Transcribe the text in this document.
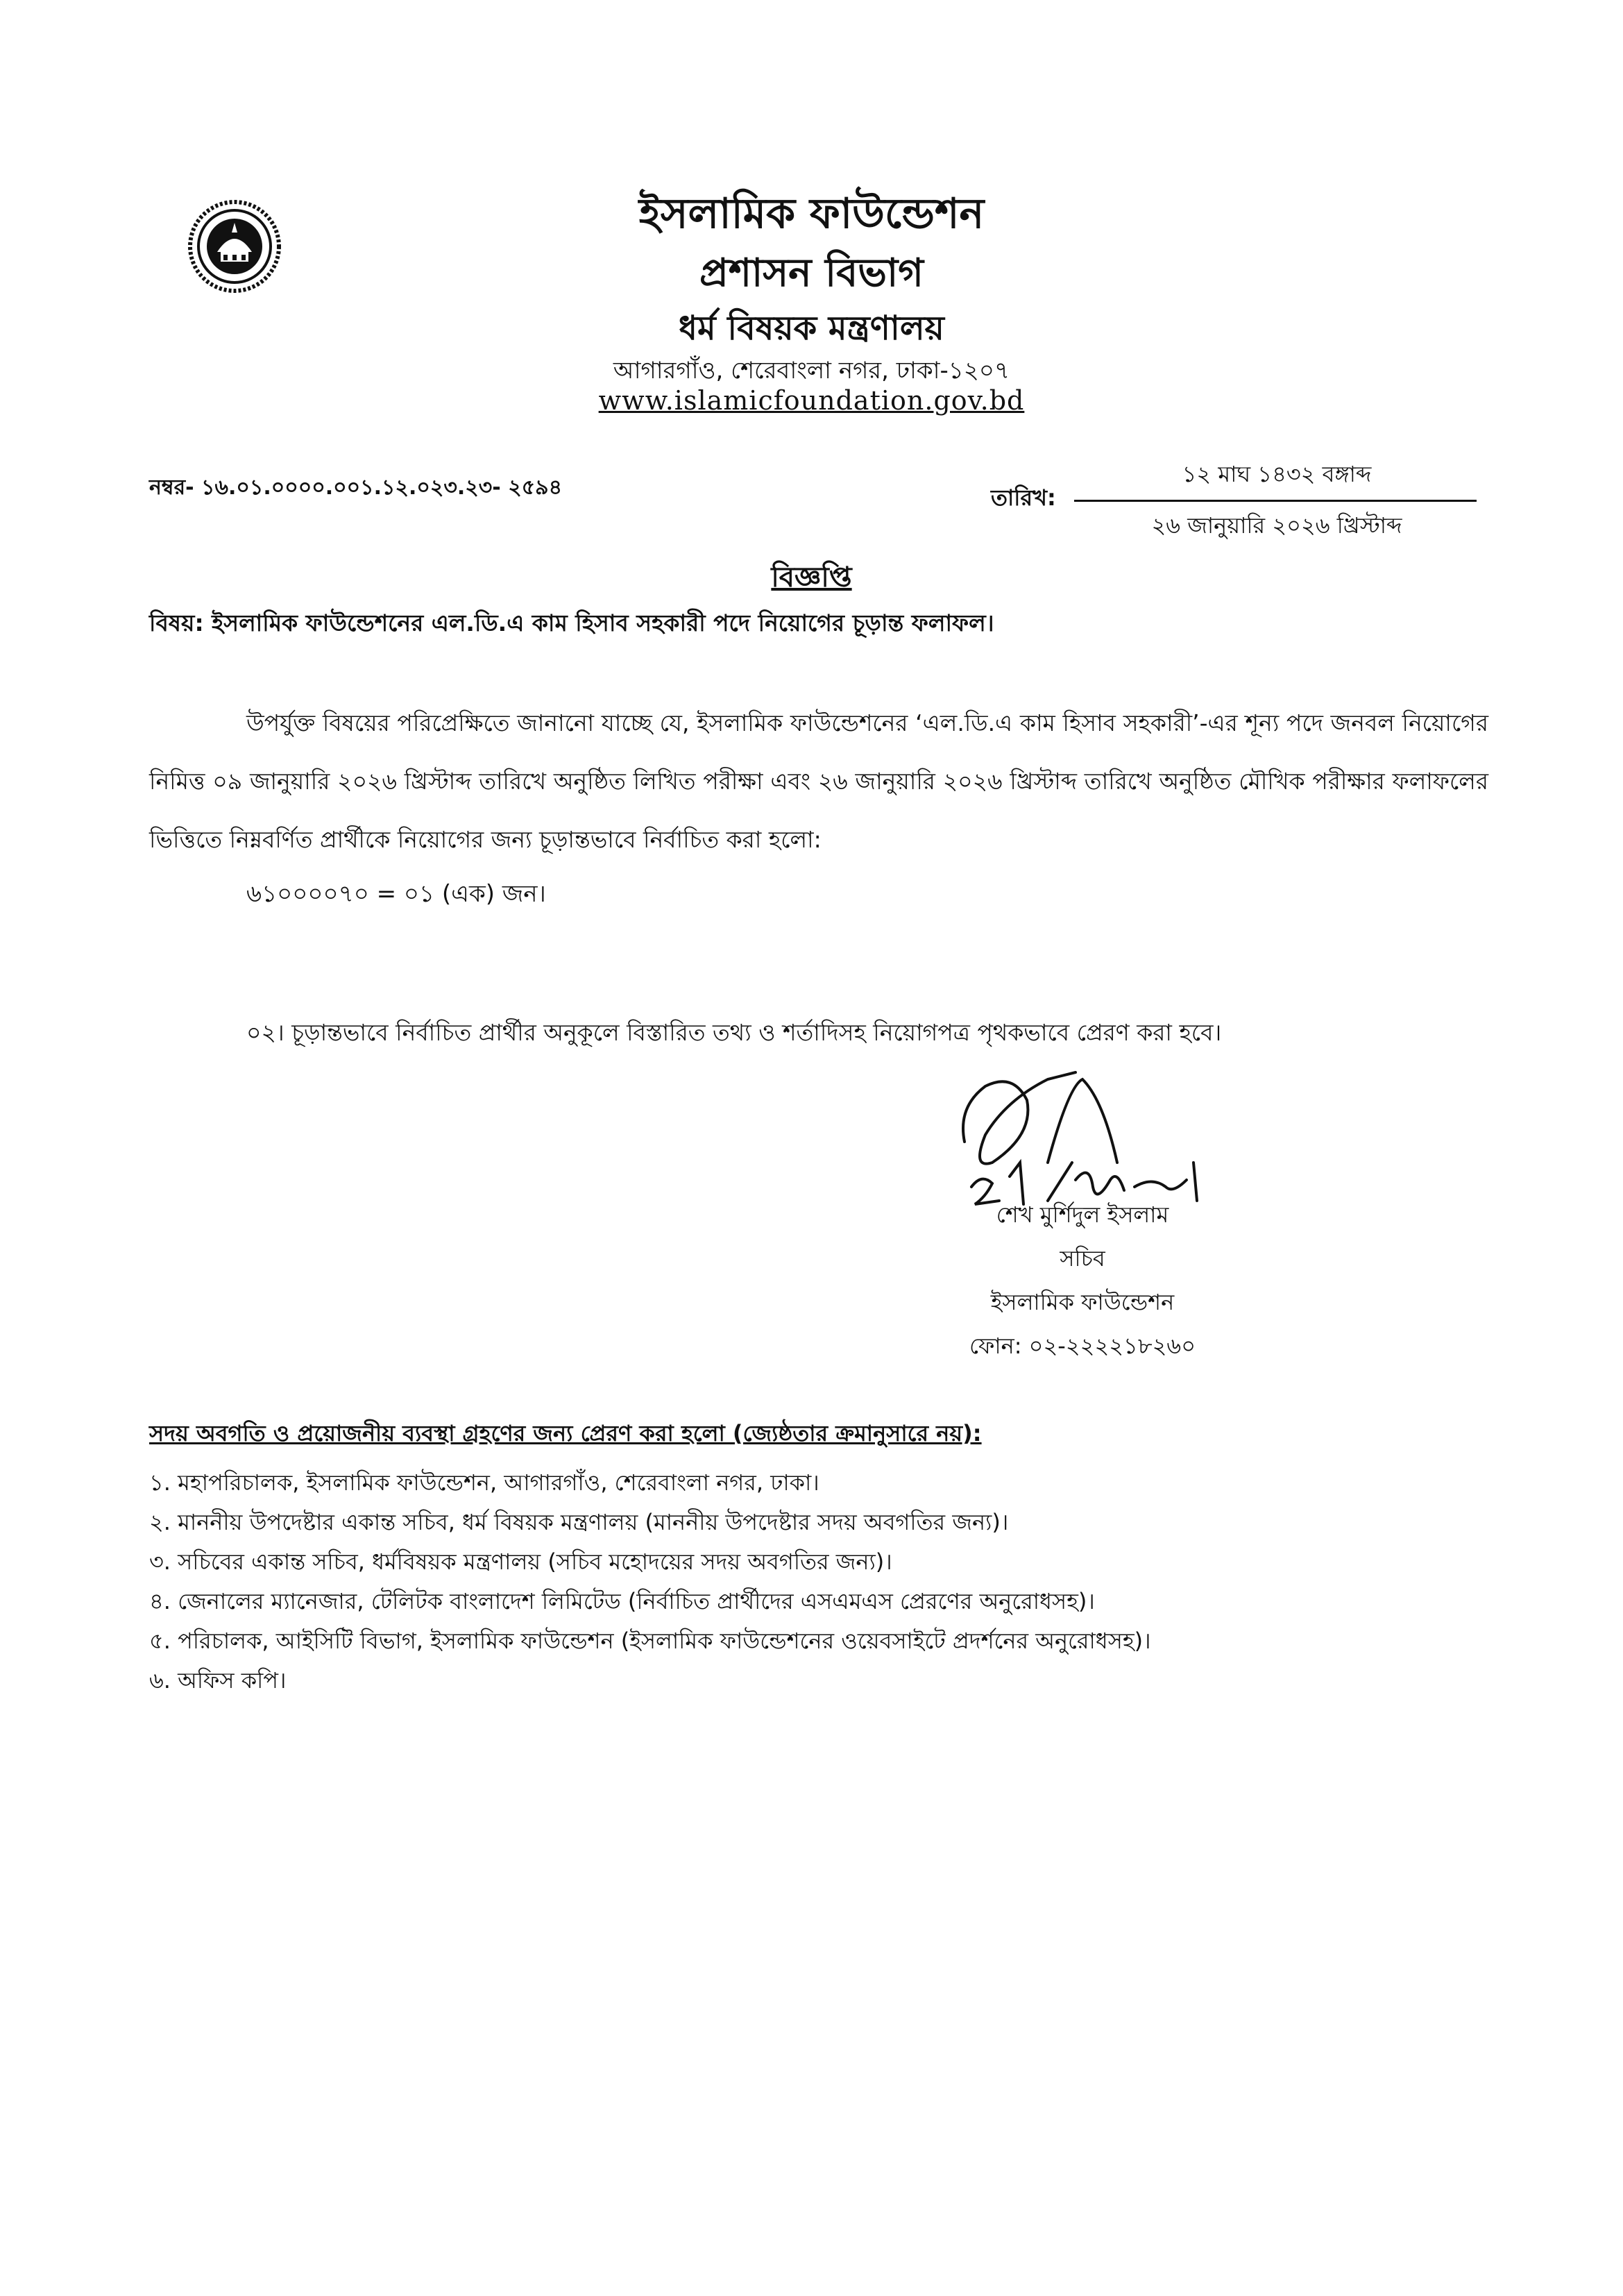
ইসলামিক ফাউন্ডেশন
প্রশাসন বিভাগ
ধর্ম বিষয়ক মন্ত্রণালয়
আগারগাঁও, শেরেবাংলা নগর, ঢাকা-১২০৭
www.islamicfoundation.gov.bd
নম্বর- ১৬.০১.০০০০.০০১.১২.০২৩.২৩- ২৫৯৪	তারিখ:
১২ মাঘ ১৪৩২ বঙ্গাব্দ
২৬ জানুয়ারি ২০২৬ খ্রিস্টাব্দ
বিজ্ঞপ্তি
বিষয়: ইসলামিক ফাউন্ডেশনের এল.ডি.এ কাম হিসাব সহকারী পদে নিয়োগের চূড়ান্ত ফলাফল।
উপর্যুক্ত বিষয়ের পরিপ্রেক্ষিতে জানানো যাচ্ছে যে, ইসলামিক ফাউন্ডেশনের ‘এল.ডি.এ কাম হিসাব সহকারী’-এর শূন্য পদে জনবল নিয়োগের নিমিত্ত ০৯ জানুয়ারি ২০২৬ খ্রিস্টাব্দ তারিখে অনুষ্ঠিত লিখিত পরীক্ষা এবং ২৬ জানুয়ারি ২০২৬ খ্রিস্টাব্দ তারিখে অনুষ্ঠিত মৌখিক পরীক্ষার ফলাফলের ভিত্তিতে নিম্নবর্ণিত প্রার্থীকে নিয়োগের জন্য চূড়ান্তভাবে নির্বাচিত করা হলো:
৬১০০০০৭০ = ০১ (এক) জন।
০২। চূড়ান্তভাবে নির্বাচিত প্রার্থীর অনুকূলে বিস্তারিত তথ্য ও শর্তাদিসহ নিয়োগপত্র পৃথকভাবে প্রেরণ করা হবে।
শেখ মুর্শিদুল ইসলাম
সচিব
ইসলামিক ফাউন্ডেশন
ফোন: ০২-২২২২১৮২৬০
সদয় অবগতি ও প্রয়োজনীয় ব্যবস্থা গ্রহণের জন্য প্রেরণ করা হলো (জ্যেষ্ঠতার ক্রমানুসারে নয়):
১. মহাপরিচালক, ইসলামিক ফাউন্ডেশন, আগারগাঁও, শেরেবাংলা নগর, ঢাকা।
২. মাননীয় উপদেষ্টার একান্ত সচিব, ধর্ম বিষয়ক মন্ত্রণালয় (মাননীয় উপদেষ্টার সদয় অবগতির জন্য)।
৩. সচিবের একান্ত সচিব, ধর্মবিষয়ক মন্ত্রণালয় (সচিব মহোদয়ের সদয় অবগতির জন্য)।
৪. জেনালের ম্যানেজার, টেলিটক বাংলাদেশ লিমিটেড (নির্বাচিত প্রার্থীদের এসএমএস প্রেরণের অনুরোধসহ)।
৫. পরিচালক, আইসিটি বিভাগ, ইসলামিক ফাউন্ডেশন (ইসলামিক ফাউন্ডেশনের ওয়েবসাইটে প্রদর্শনের অনুরোধসহ)।
৬. অফিস কপি।
